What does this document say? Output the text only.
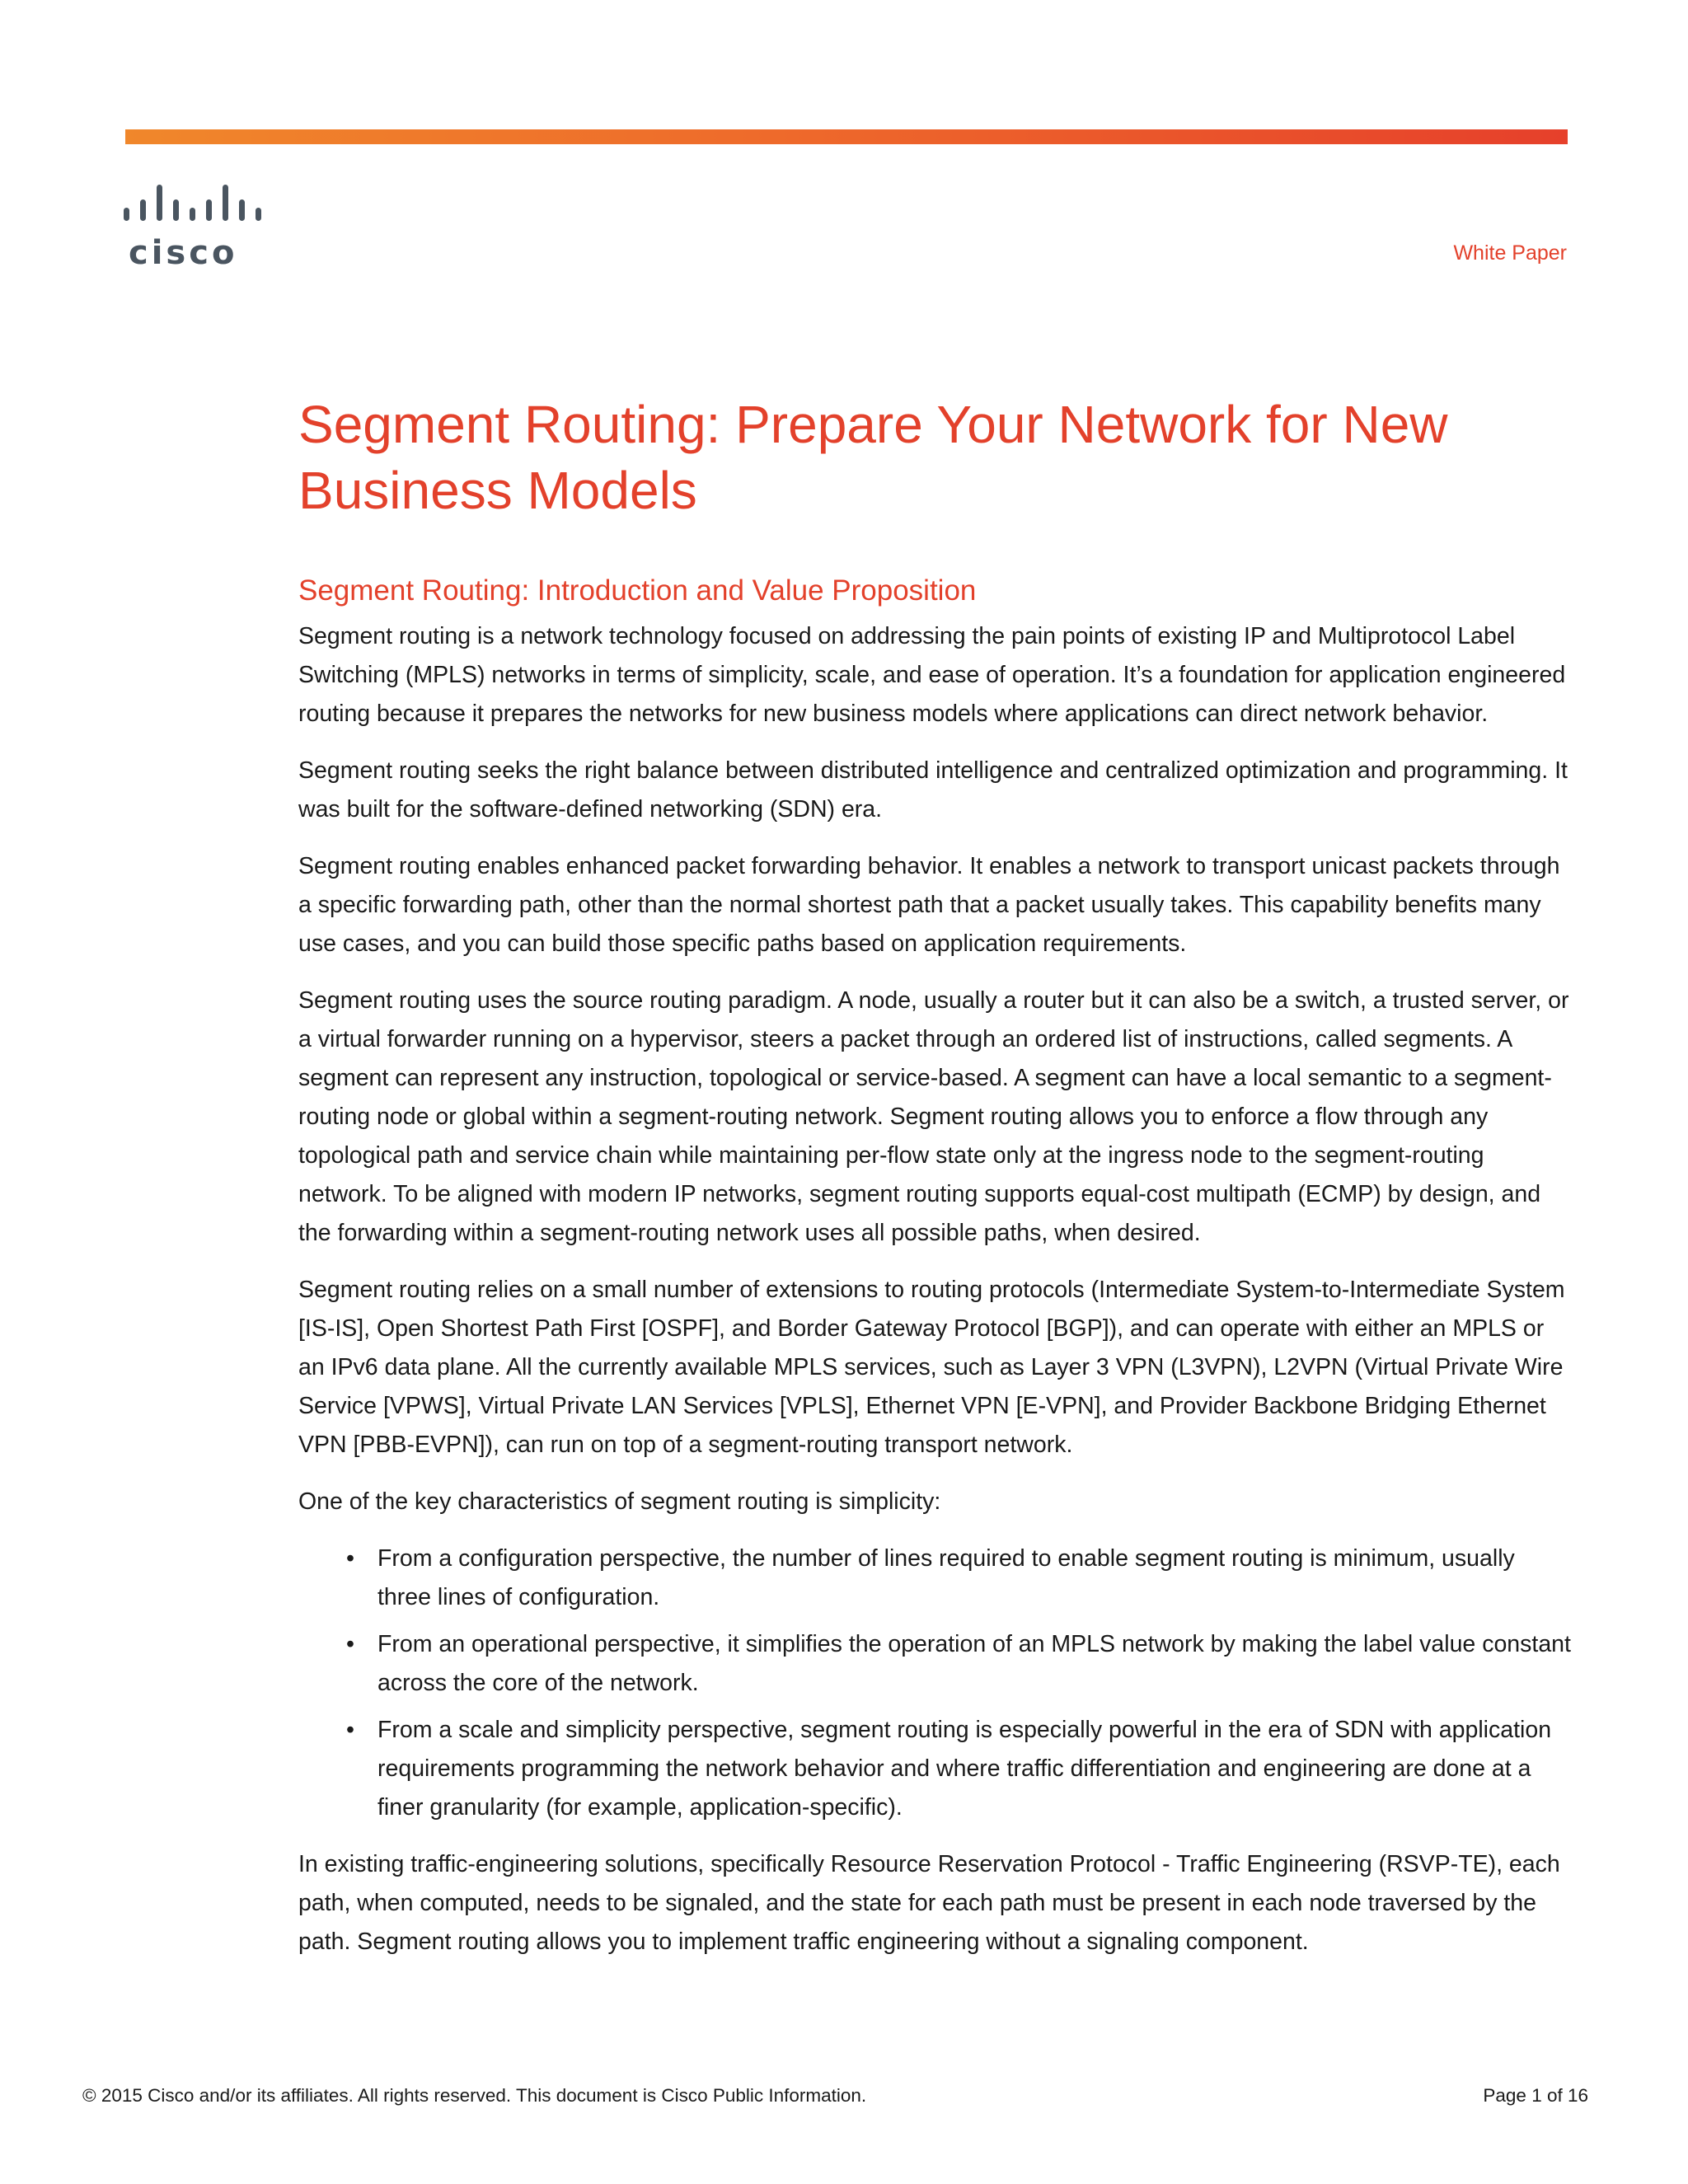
cisco	White Paper
Segment Routing: Prepare Your Network for New Business Models
Segment Routing: Introduction and Value Proposition

Segment routing is a network technology focused on addressing the pain points of existing IP and Multiprotocol Label Switching (MPLS) networks in terms of simplicity, scale, and ease of operation. It’s a foundation for application engineered routing because it prepares the networks for new business models where applications can direct network behavior.

Segment routing seeks the right balance between distributed intelligence and centralized optimization and programming. It was built for the software-defined networking (SDN) era.

Segment routing enables enhanced packet forwarding behavior. It enables a network to transport unicast packets through a specific forwarding path, other than the normal shortest path that a packet usually takes. This capability benefits many use cases, and you can build those specific paths based on application requirements.

Segment routing uses the source routing paradigm. A node, usually a router but it can also be a switch, a trusted server, or a virtual forwarder running on a hypervisor, steers a packet through an ordered list of instructions, called segments. A segment can represent any instruction, topological or service-based. A segment can have a local semantic to a segment-routing node or global within a segment-routing network. Segment routing allows you to enforce a flow through any topological path and service chain while maintaining per-flow state only at the ingress node to the segment-routing network. To be aligned with modern IP networks, segment routing supports equal-cost multipath (ECMP) by design, and the forwarding within a segment-routing network uses all possible paths, when desired.

Segment routing relies on a small number of extensions to routing protocols (Intermediate System-to-Intermediate System [IS-IS], Open Shortest Path First [OSPF], and Border Gateway Protocol [BGP]), and can operate with either an MPLS or an IPv6 data plane. All the currently available MPLS services, such as Layer 3 VPN (L3VPN), L2VPN (Virtual Private Wire Service [VPWS], Virtual Private LAN Services [VPLS], Ethernet VPN [E-VPN], and Provider Backbone Bridging Ethernet VPN [PBB-EVPN]), can run on top of a segment-routing transport network.

One of the key characteristics of segment routing is simplicity:

• From a configuration perspective, the number of lines required to enable segment routing is minimum, usually three lines of configuration.
• From an operational perspective, it simplifies the operation of an MPLS network by making the label value constant across the core of the network.
• From a scale and simplicity perspective, segment routing is especially powerful in the era of SDN with application requirements programming the network behavior and where traffic differentiation and engineering are done at a finer granularity (for example, application-specific).

In existing traffic-engineering solutions, specifically Resource Reservation Protocol - Traffic Engineering (RSVP-TE), each path, when computed, needs to be signaled, and the state for each path must be present in each node traversed by the path. Segment routing allows you to implement traffic engineering without a signaling component.

© 2015 Cisco and/or its affiliates. All rights reserved. This document is Cisco Public Information.	Page 1 of 16
